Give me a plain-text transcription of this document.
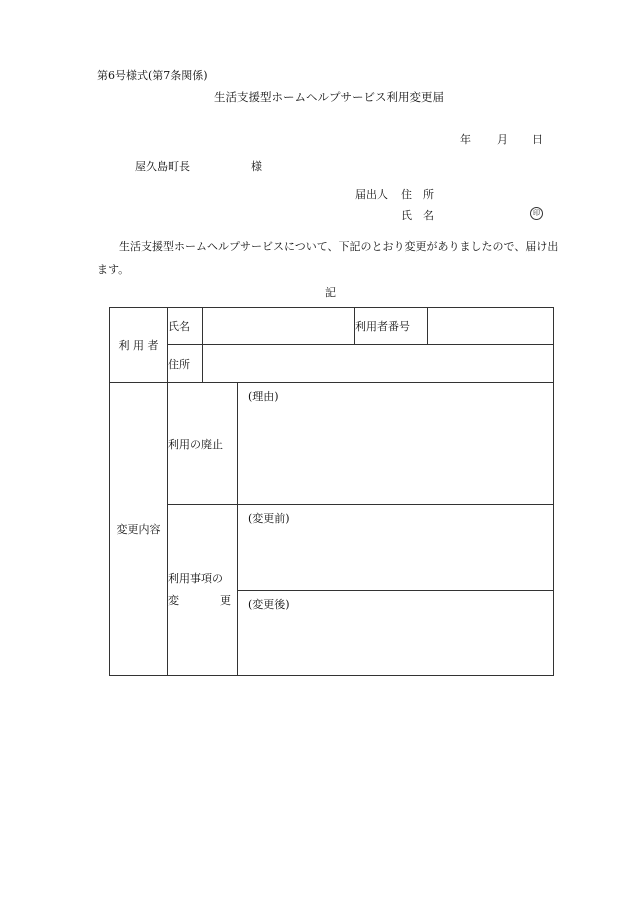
第6号様式(第7条関係)
生活支援型ホームヘルプサービス利用変更届
年 月 日
屋久島町長	様
届出人 住　所
氏　名	印
生活支援型ホームヘルプサービスについて、下記のとおり変更がありましたので、届け出ます。
記
利 用 者	氏名			利用者番号	
	住所				
変更内容	利用の廃止		(理由)		

	利用事項の
変 更		(変更前)		
			(変更後)		
